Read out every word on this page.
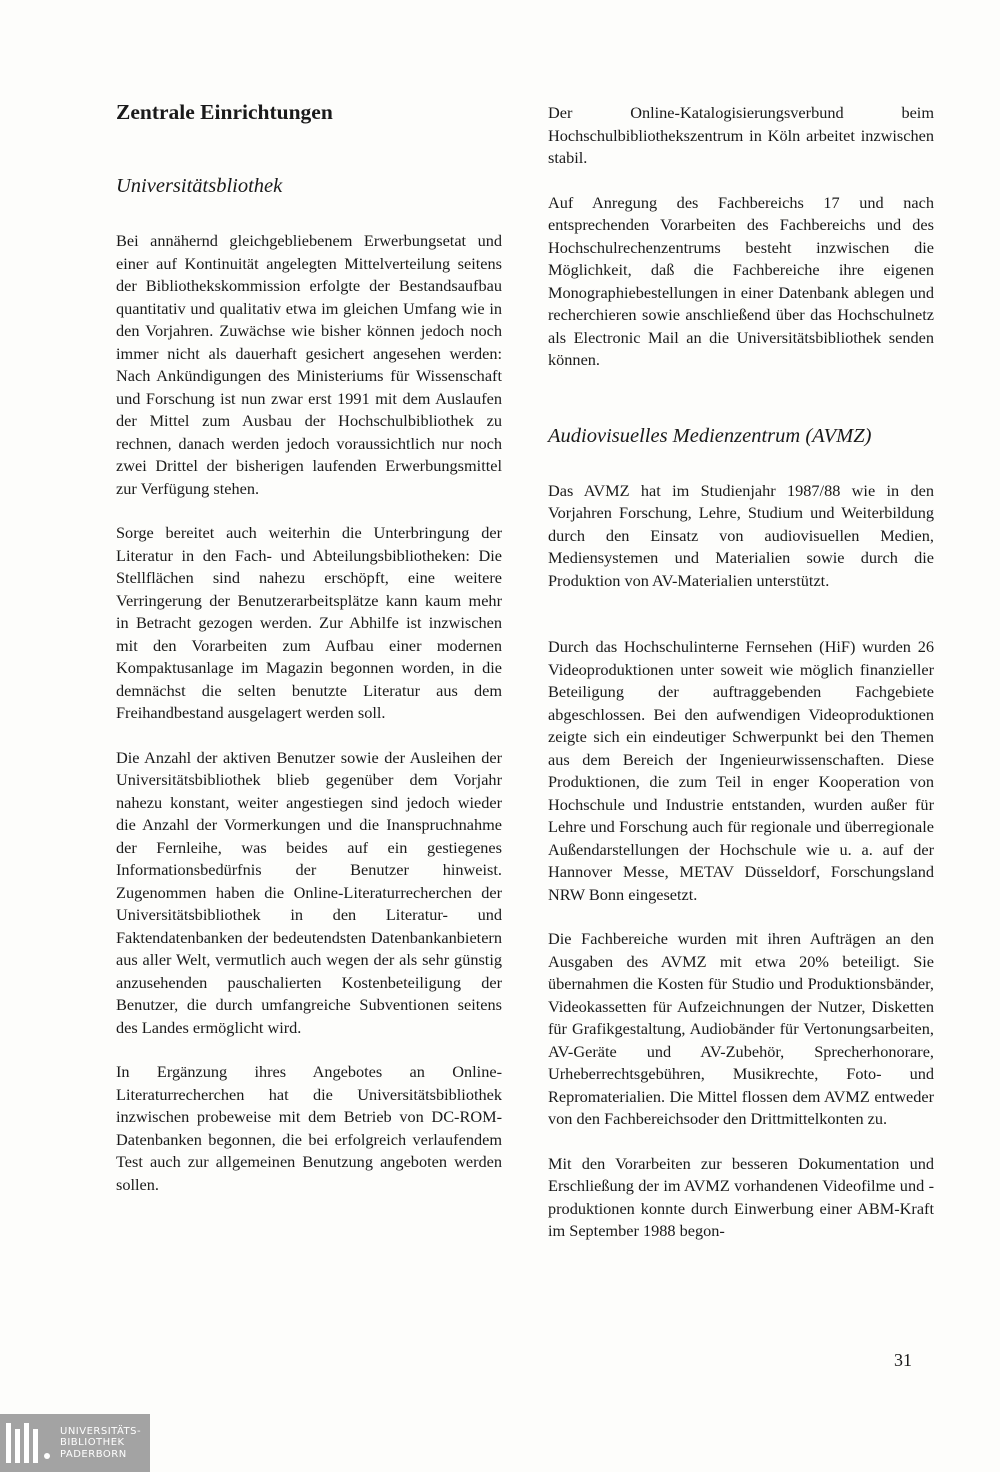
Zentrale Einrichtungen
Universitätsbliothek

Bei annähernd gleichgebliebenem Erwerbungsetat und einer auf Kontinuität angelegten Mittelverteilung seitens der Bibliothekskommission erfolgte der Bestandsaufbau quantitativ und qualitativ etwa im gleichen Umfang wie in den Vorjahren. Zuwächse wie bisher können jedoch noch immer nicht als dauerhaft gesichert angesehen werden: Nach Ankündigungen des Ministeriums für Wissenschaft und Forschung ist nun zwar erst 1991 mit dem Auslaufen der Mittel zum Ausbau der Hochschulbibliothek zu rechnen, danach werden jedoch voraussichtlich nur noch zwei Drittel der bisherigen laufenden Erwerbungsmittel zur Verfügung stehen.

Sorge bereitet auch weiterhin die Unterbringung der Literatur in den Fach- und Abteilungsbibliotheken: Die Stellflächen sind nahezu erschöpft, eine weitere Verringerung der Benutzerarbeitsplätze kann kaum mehr in Betracht gezogen werden. Zur Abhilfe ist inzwischen mit den Vorarbeiten zum Aufbau einer modernen Kompaktusanlage im Magazin begonnen worden, in die demnächst die selten benutzte Literatur aus dem Freihandbestand ausgelagert werden soll.

Die Anzahl der aktiven Benutzer sowie der Ausleihen der Universitätsbibliothek blieb gegenüber dem Vorjahr nahezu konstant, weiter angestiegen sind jedoch wieder die Anzahl der Vormerkungen und die Inanspruchnahme der Fernleihe, was beides auf ein gestiegenes Informationsbedürfnis der Benutzer hinweist. Zugenommen haben die Online-Literaturrecherchen der Universitätsbibliothek in den Literatur- und Faktendatenbanken der bedeutendsten Datenbankanbietern aus aller Welt, vermutlich auch wegen der als sehr günstig anzusehenden pauschalierten Kostenbeteiligung der Benutzer, die durch umfangreiche Subventionen seitens des Landes ermöglicht wird.

In Ergänzung ihres Angebotes an Online-Literaturrecherchen hat die Universitätsbibliothek inzwischen probeweise mit dem Betrieb von DC-ROM-Datenbanken begonnen, die bei erfolgreich verlaufendem Test auch zur allgemeinen Benutzung angeboten werden sollen.

Der Online-Katalogisierungsverbund beim Hochschulbibliothekszentrum in Köln arbeitet inzwischen stabil.

Auf Anregung des Fachbereichs 17 und nach entsprechenden Vorarbeiten des Fachbereichs und des Hochschulrechenzentrums besteht inzwischen die Möglichkeit, daß die Fachbereiche ihre eigenen Monographiebestellungen in einer Datenbank ablegen und recherchieren sowie anschließend über das Hochschulnetz als Electronic Mail an die Universitätsbibliothek senden können.

Audiovisuelles Medienzentrum (AVMZ)

Das AVMZ hat im Studienjahr 1987/88 wie in den Vorjahren Forschung, Lehre, Studium und Weiterbildung durch den Einsatz von audiovisuellen Medien, Mediensystemen und Materialien sowie durch die Produktion von AV-Materialien unterstützt.

Durch das Hochschulinterne Fernsehen (HiF) wurden 26 Videoproduktionen unter soweit wie möglich finanzieller Beteiligung der auftraggebenden Fachgebiete abgeschlossen. Bei den aufwendigen Videoproduktionen zeigte sich ein eindeutiger Schwerpunkt bei den Themen aus dem Bereich der Ingenieurwissenschaften. Diese Produktionen, die zum Teil in enger Kooperation von Hochschule und Industrie entstanden, wurden außer für Lehre und Forschung auch für regionale und überregionale Außendarstellungen der Hochschule wie u. a. auf der Hannover Messe, METAV Düsseldorf, Forschungsland NRW Bonn eingesetzt.

Die Fachbereiche wurden mit ihren Aufträgen an den Ausgaben des AVMZ mit etwa 20% beteiligt. Sie übernahmen die Kosten für Studio und Produktionsbänder, Videokassetten für Aufzeichnungen der Nutzer, Disketten für Grafikgestaltung, Audiobänder für Vertonungsarbeiten, AV-Geräte und AV-Zubehör, Sprecherhonorare, Urheberrechtsgebühren, Musikrechte, Foto- und Repromaterialien. Die Mittel flossen dem AVMZ entweder von den Fachbereichsoder den Drittmittelkonten zu.

Mit den Vorarbeiten zur besseren Dokumentation und Erschließung der im AVMZ vorhandenen Videofilme und -produktionen konnte durch Einwerbung einer ABM-Kraft im September 1988 begon-

31
UNIVERSITÄTS-
BIBLIOTHEK
PADERBORN
